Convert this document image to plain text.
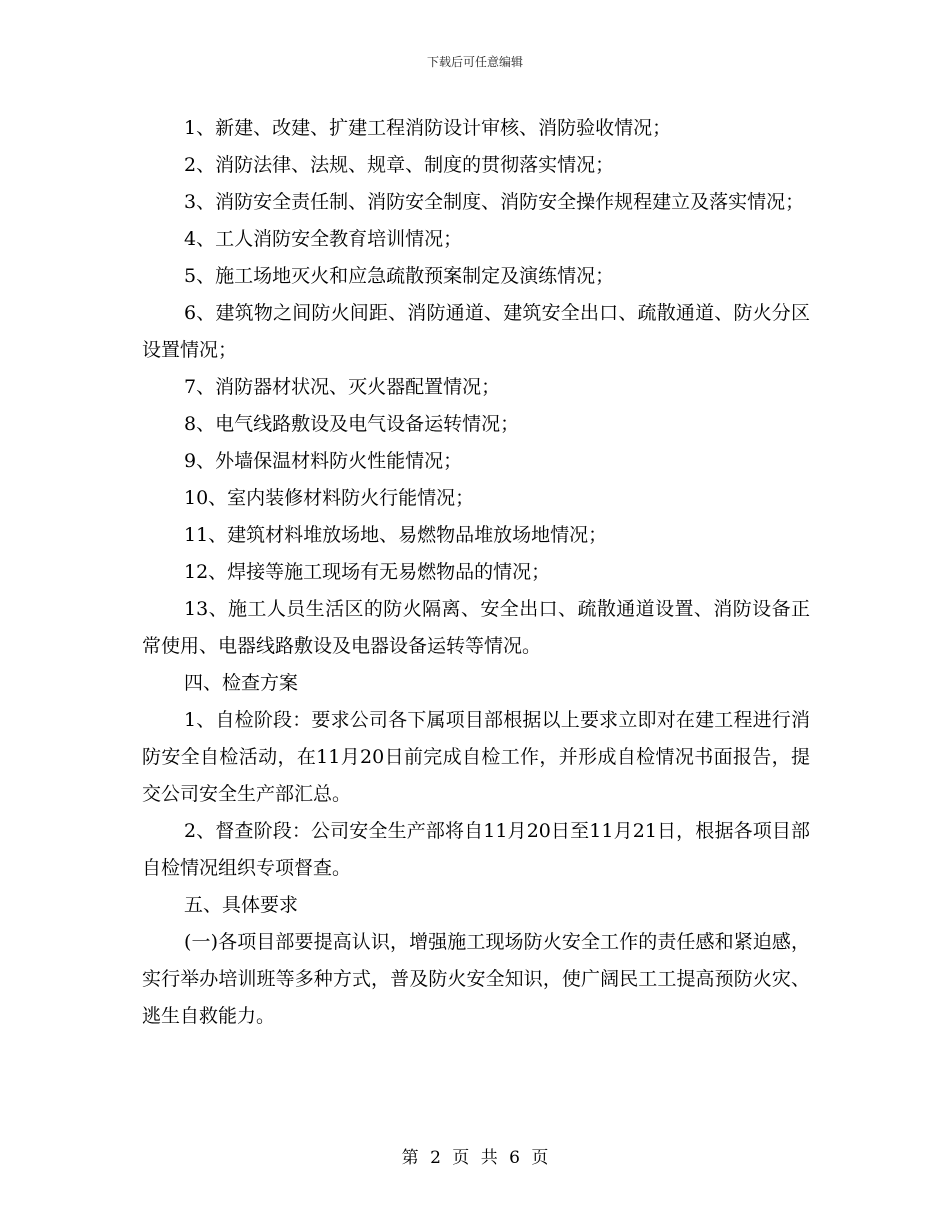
下载后可任意编辑

1、新建、改建、扩建工程消防设计审核、消防验收情况；

2、消防法律、法规、规章、制度的贯彻落实情况；

3、消防安全责任制、消防安全制度、消防安全操作规程建立及落实情况；

4、工人消防安全教育培训情况；

5、施工场地灭火和应急疏散预案制定及演练情况；

6、建筑物之间防火间距、消防通道、建筑安全出口、疏散通道、防火分区设置情况；

7、消防器材状况、灭火器配置情况；

8、电气线路敷设及电气设备运转情况；

9、外墙保温材料防火性能情况；

10、室内装修材料防火行能情况；

11、建筑材料堆放场地、易燃物品堆放场地情况；

12、焊接等施工现场有无易燃物品的情况；

13、施工人员生活区的防火隔离、安全出口、疏散通道设置、消防设备正常使用、电器线路敷设及电器设备运转等情况。

四、检查方案

1、自检阶段：要求公司各下属项目部根据以上要求立即对在建工程进行消防安全自检活动，在11月20日前完成自检工作，并形成自检情况书面报告，提交公司安全生产部汇总。

2、督查阶段：公司安全生产部将自11月20日至11月21日，根据各项目部自检情况组织专项督查。

五、具体要求

(一)各项目部要提高认识，增强施工现场防火安全工作的责任感和紧迫感，实行举办培训班等多种方式，普及防火安全知识，使广阔民工工提高预防火灾、逃生自救能力。

第 2 页 共 6 页
